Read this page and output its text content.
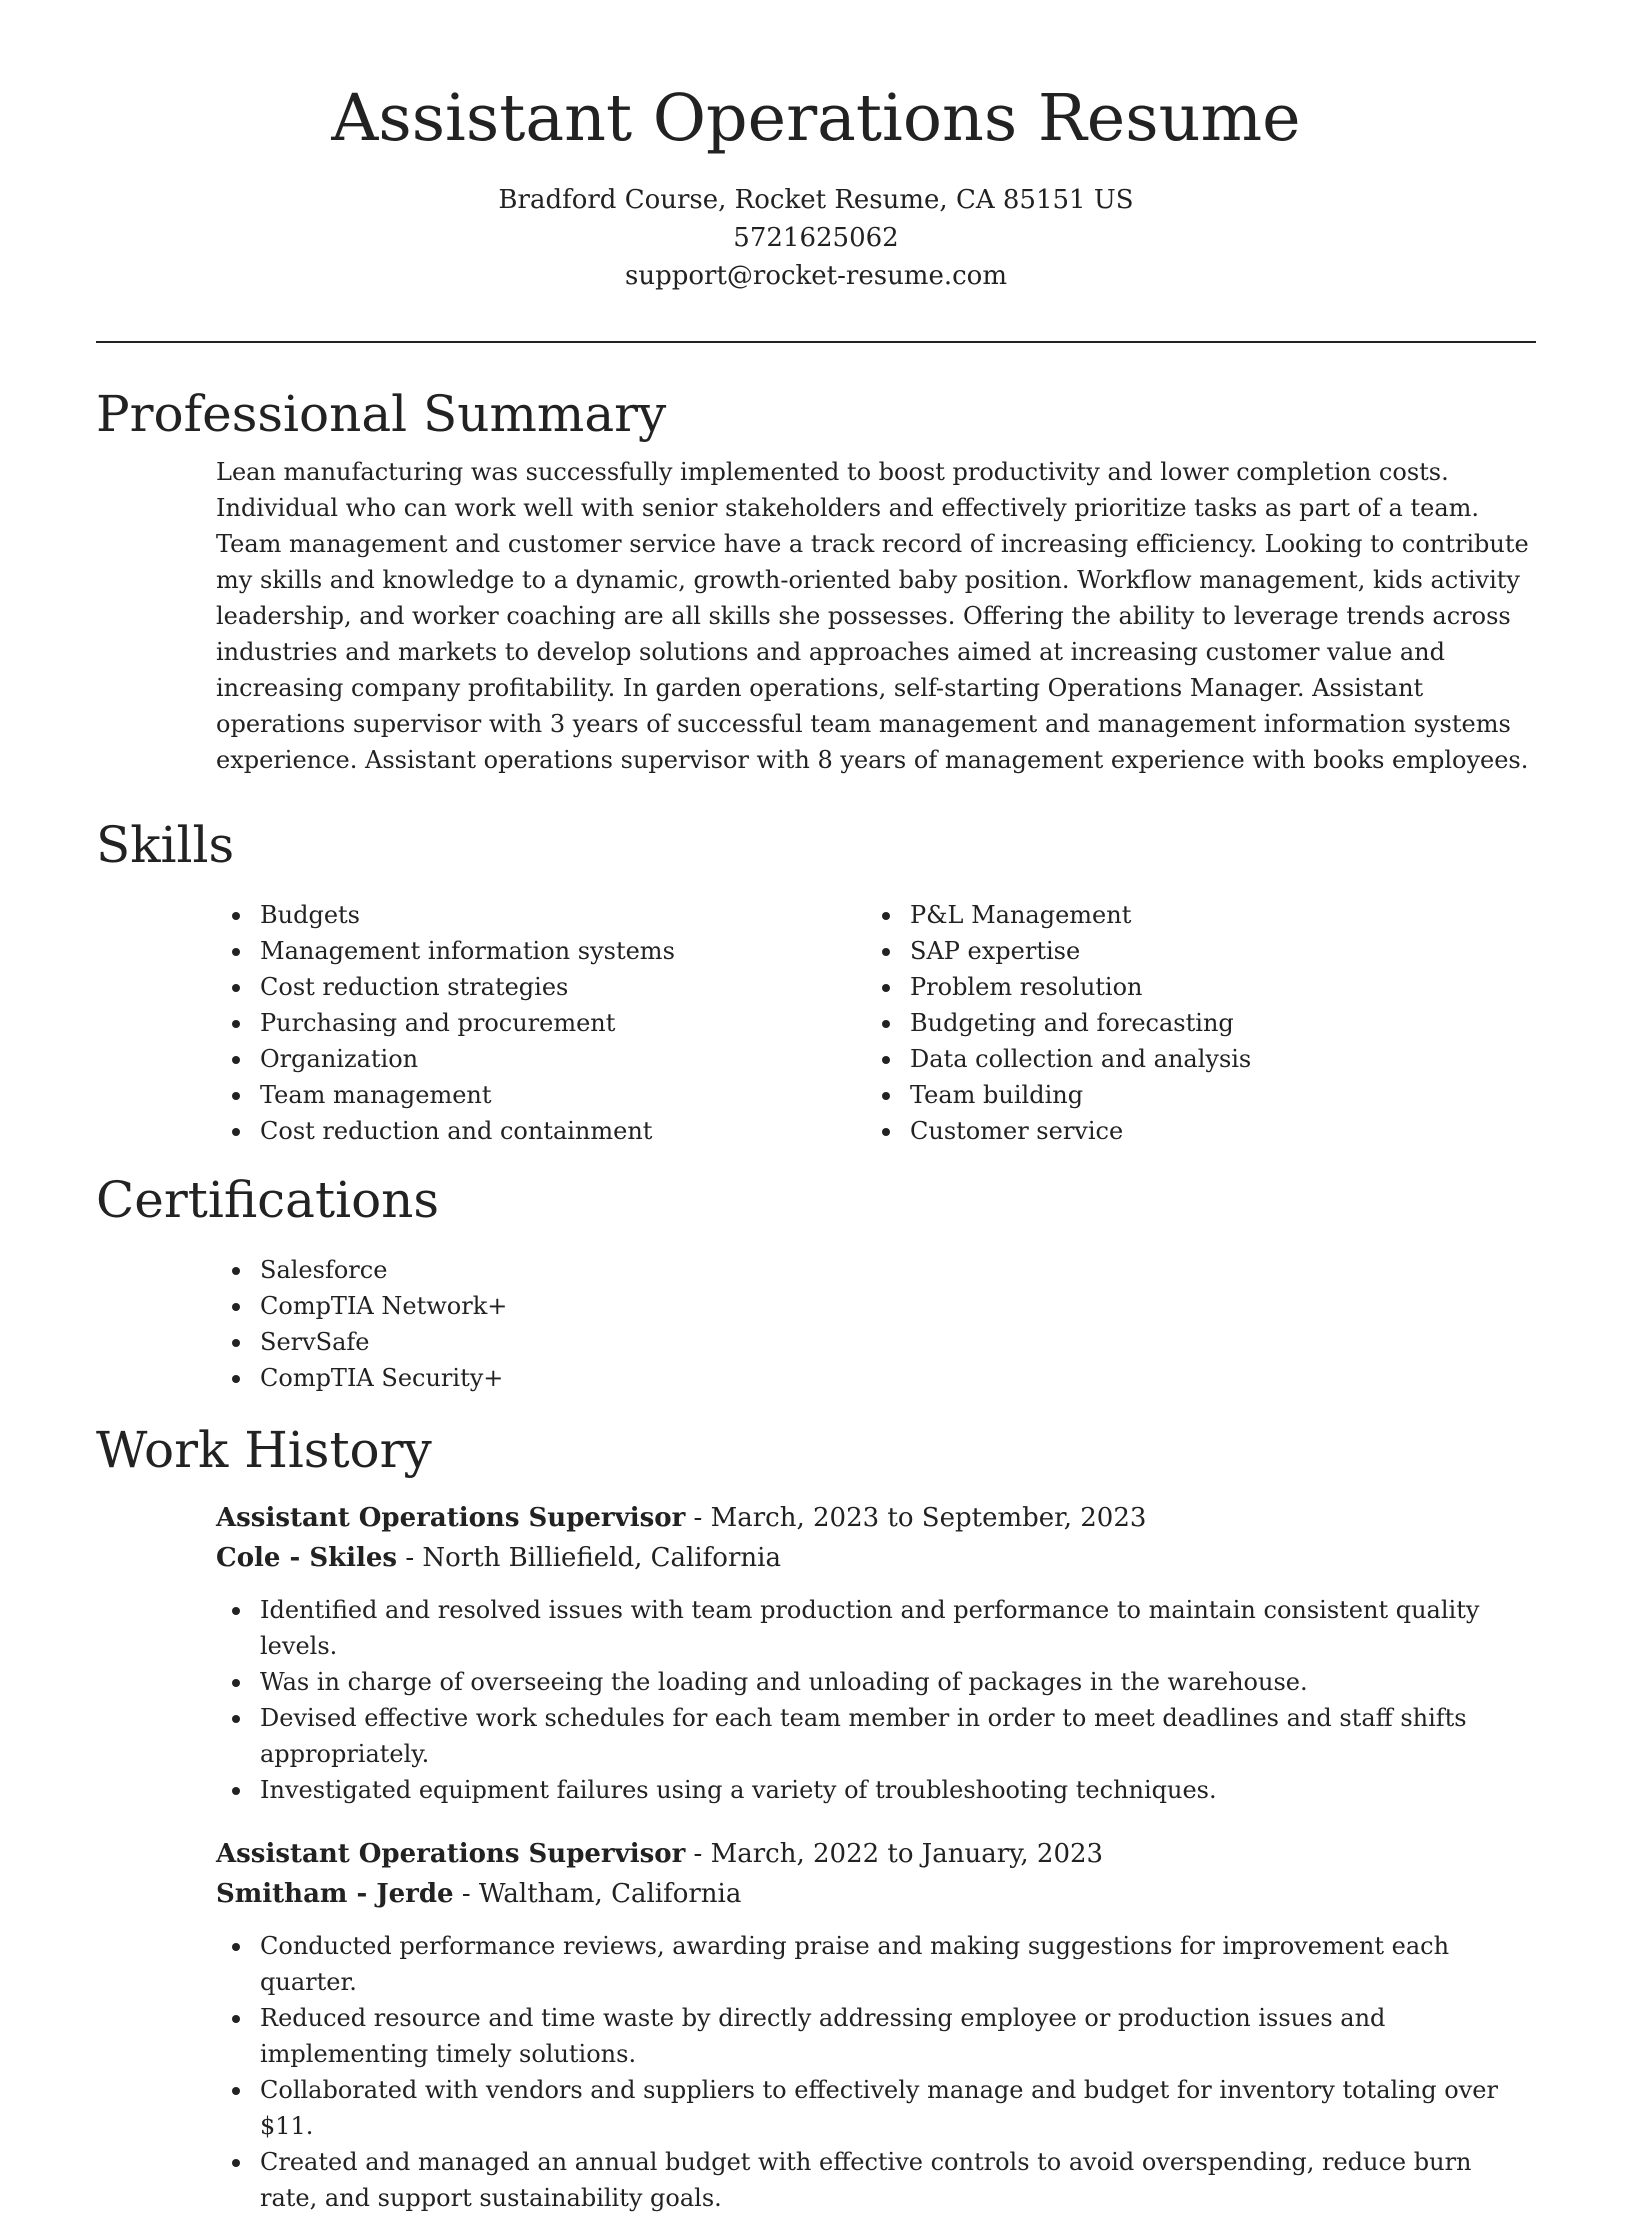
Assistant Operations Resume
Bradford Course, Rocket Resume, CA 85151 US
5721625062
support@rocket-resume.com
Professional Summary

Lean manufacturing was successfully implemented to boost productivity and lower completion costs. Individual who can work well with senior stakeholders and effectively prioritize tasks as part of a team. Team management and customer service have a track record of increasing efficiency. Looking to contribute my skills and knowledge to a dynamic, growth-oriented baby position. Workflow management, kids activity leadership, and worker coaching are all skills she possesses. Offering the ability to leverage trends across industries and markets to develop solutions and approaches aimed at increasing customer value and increasing company profitability. In garden operations, self-starting Operations Manager. Assistant operations supervisor with 3 years of successful team management and management information systems experience. Assistant operations supervisor with 8 years of management experience with books employees.

Skills
Budgets
Management information systems
Cost reduction strategies
Purchasing and procurement
Organization
Team management
Cost reduction and containment
P&L Management
SAP expertise
Problem resolution
Budgeting and forecasting
Data collection and analysis
Team building
Customer service
Certifications
Salesforce
CompTIA Network+
ServSafe
CompTIA Security+
Work History
Assistant Operations Supervisor - March, 2023 to September, 2023
Cole - Skiles - North Billiefield, California
Identified and resolved issues with team production and performance to maintain consistent quality levels.
Was in charge of overseeing the loading and unloading of packages in the warehouse.
Devised effective work schedules for each team member in order to meet deadlines and staff shifts appropriately.
Investigated equipment failures using a variety of troubleshooting techniques.
Assistant Operations Supervisor - March, 2022 to January, 2023
Smitham - Jerde - Waltham, California
Conducted performance reviews, awarding praise and making suggestions for improvement each quarter.
Reduced resource and time waste by directly addressing employee or production issues and implementing timely solutions.
Collaborated with vendors and suppliers to effectively manage and budget for inventory totaling over $11.
Created and managed an annual budget with effective controls to avoid overspending, reduce burn rate, and support sustainability goals.
